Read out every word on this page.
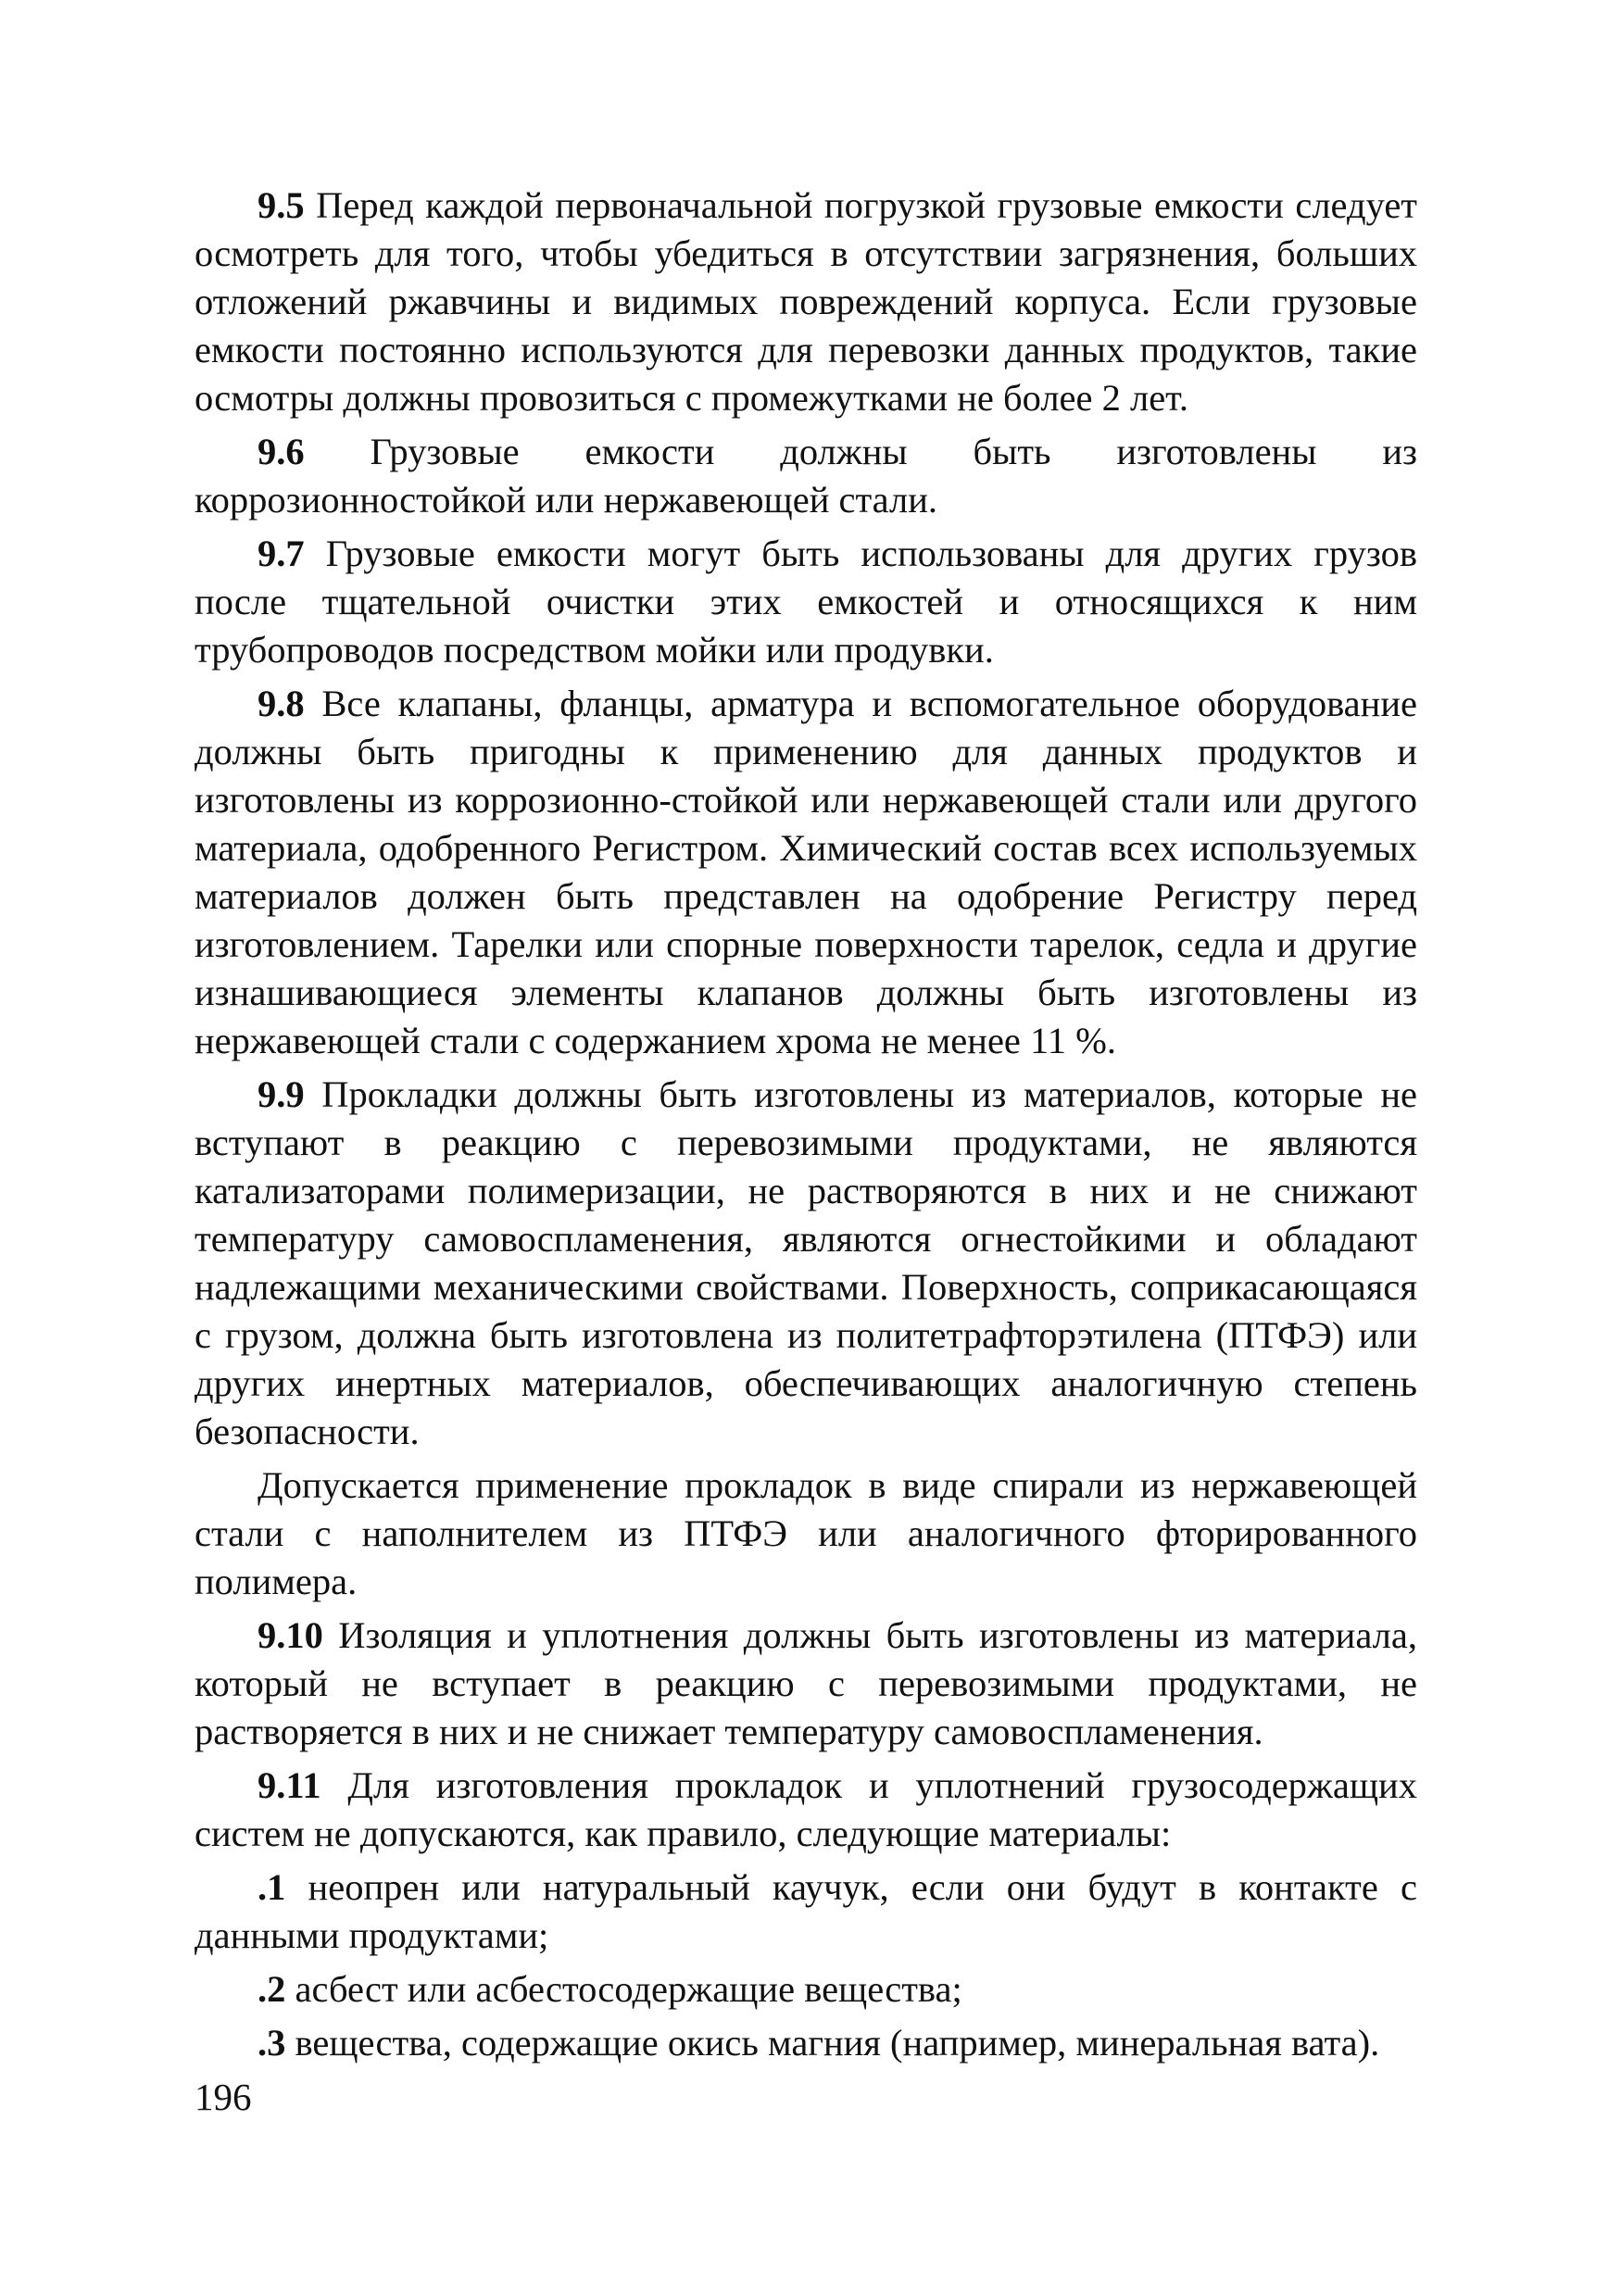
9.5 Перед каждой первоначальной погрузкой грузовые емкости следует осмотреть для того, чтобы убедиться в отсутствии загрязнения, больших отложений ржавчины и видимых повреждений корпуса. Если грузовые емкости постоянно используются для перевозки данных продуктов, такие осмотры должны провозиться с промежутками не более 2 лет.

9.6 Грузовые емкости должны быть изготовлены из коррозионностойкой или нержавеющей стали.

9.7 Грузовые емкости могут быть использованы для других грузов после тщательной очистки этих емкостей и относящихся к ним трубопроводов посредством мойки или продувки.

9.8 Все клапаны, фланцы, арматура и вспомогательное оборудование должны быть пригодны к применению для данных продуктов и изготовлены из коррозионно-стойкой или нержавеющей стали или другого материала, одобренного Регистром. Химический состав всех используемых материалов должен быть представлен на одобрение Регистру перед изготовлением. Тарелки или спорные поверхности тарелок, седла и другие изнашивающиеся элементы клапанов должны быть изготовлены из нержавеющей стали с содержанием хрома не менее 11 %.

9.9 Прокладки должны быть изготовлены из материалов, которые не вступают в реакцию с перевозимыми продуктами, не являются катализаторами полимеризации, не растворяются в них и не снижают температуру самовоспламенения, являются огнестойкими и обладают надлежащими механическими свойствами. Поверхность, соприкасающаяся с грузом, должна быть изготовлена из политетрафторэтилена (ПТФЭ) или других инертных материалов, обеспечивающих аналогичную степень безопасности.

Допускается применение прокладок в виде спирали из нержавеющей стали с наполнителем из ПТФЭ или аналогичного фторированного полимера.

9.10 Изоляция и уплотнения должны быть изготовлены из материала, который не вступает в реакцию с перевозимыми продуктами, не растворяется в них и не снижает температуру самовоспламенения.

9.11 Для изготовления прокладок и уплотнений грузосодержащих систем не допускаются, как правило, следующие материалы:

.1 неопрен или натуральный каучук, если они будут в контакте с данными продуктами;

.2 асбест или асбестосодержащие вещества;

.3 вещества, содержащие окись магния (например, минеральная вата).

196
